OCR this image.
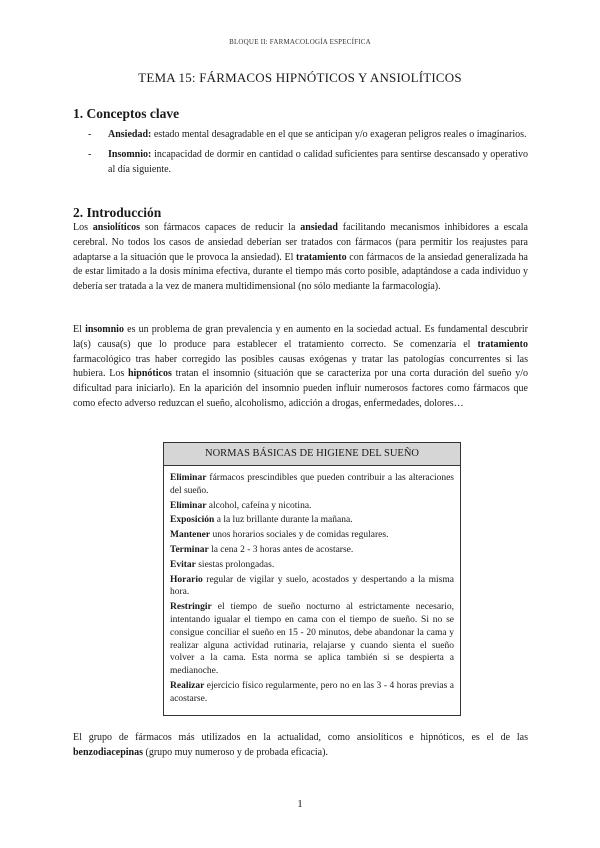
BLOQUE II: FARMACOLOGÍA ESPECÍFICA
TEMA 15: FÁRMACOS HIPNÓTICOS Y ANSIOLÍTICOS
1. Conceptos clave
- Ansiedad: estado mental desagradable en el que se anticipan y/o exageran peligros reales o imaginarios.
- Insomnio: incapacidad de dormir en cantidad o calidad suficientes para sentirse descansado y operativo al día siguiente.
2. Introducción
Los ansiolíticos son fármacos capaces de reducir la ansiedad facilitando mecanismos inhibidores a escala cerebral. No todos los casos de ansiedad deberían ser tratados con fármacos (para permitir los reajustes para adaptarse a la situación que le provoca la ansiedad). El tratamiento con fármacos de la ansiedad generalizada ha de estar limitado a la dosis mínima efectiva, durante el tiempo más corto posible, adaptándose a cada individuo y debería ser tratada a la vez de manera multidimensional (no sólo mediante la farmacología).
El insomnio es un problema de gran prevalencia y en aumento en la sociedad actual. Es fundamental descubrir la(s) causa(s) que lo produce para establecer el tratamiento correcto. Se comenzaría el tratamiento farmacológico tras haber corregido las posibles causas exógenas y tratar las patologías concurrentes si las hubiera. Los hipnóticos tratan el insomnio (situación que se caracteriza por una corta duración del sueño y/o dificultad para iniciarlo). En la aparición del insomnio pueden influir numerosos factores como fármacos que como efecto adverso reduzcan el sueño, alcoholismo, adicción a drogas, enfermedades, dolores…
NORMAS BÁSICAS DE HIGIENE DEL SUEÑO
Eliminar fármacos prescindibles que pueden contribuir a las alteraciones del sueño.
Eliminar alcohol, cafeína y nicotina.
Exposición a la luz brillante durante la mañana.
Mantener unos horarios sociales y de comidas regulares.
Terminar la cena 2 - 3 horas antes de acostarse.
Evitar siestas prolongadas.
Horario regular de vigilar y suelo, acostados y despertando a la misma hora.
Restringir el tiempo de sueño nocturno al estrictamente necesario, intentando igualar el tiempo en cama con el tiempo de sueño. Si no se consigue conciliar el sueño en 15 - 20 minutos, debe abandonar la cama y realizar alguna actividad rutinaria, relajarse y cuando sienta el sueño volver a la cama. Esta norma se aplica también si se despierta a medianoche.
Realizar ejercicio físico regularmente, pero no en las 3 - 4 horas previas a acostarse.
El grupo de fármacos más utilizados en la actualidad, como ansiolíticos e hipnóticos, es el de las benzodiacepinas (grupo muy numeroso y de probada eficacia).
1
